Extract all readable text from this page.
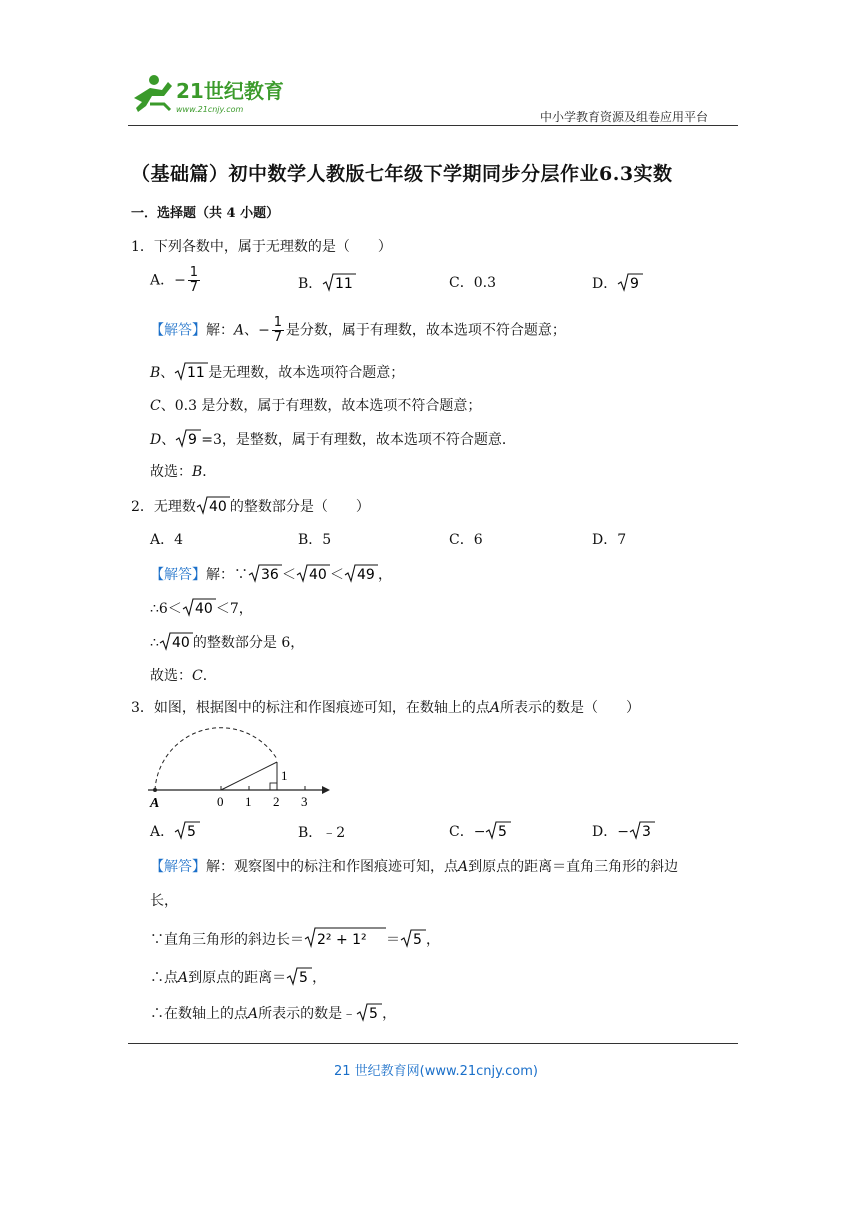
21世纪教育
www.21cnjy.com
中小学教育资源及组卷应用平台
（基础篇）初中数学人教版七年级下学期同步分层作业6.3实数
一．选择题（共 4 小题）
1．下列各数中，属于无理数的是（　　）
A．− $\frac{1}{7}$	B． 11	C．0.3	D． 9
【解答】解：A、− $\frac{1}{7}$ 是分数，属于有理数，故本选项不符合题意；
B、 11 是无理数，故本选项符合题意；
C、0.3 是分数，属于有理数，故本选项不符合题意；
D、 9 =3，是整数，属于有理数，故本选项不符合题意．
故选：B．
2．无理数 40 的整数部分是（　　）
A．4	B．5	C．6	D．7
【解答】解：∵ 36 ＜ 40 ＜ 49 ，
∴6＜ 40 ＜7，
∴ 40 的整数部分是 6，
故选：C．
3．如图，根据图中的标注和作图痕迹可知，在数轴上的点A所表示的数是（　　）
1
A	0 1 2 3
A． 5	B．﹣2	C．− 5	D．− 3
【解答】解：观察图中的标注和作图痕迹可知，点A到原点的距离＝直角三角形的斜边
长，
∵直角三角形的斜边长＝ 2² + 1² ＝ 5 ，
∴点A到原点的距离＝ 5 ，
∴在数轴上的点A所表示的数是﹣ 5 ，
21 世纪教育网(www.21cnjy.com)
